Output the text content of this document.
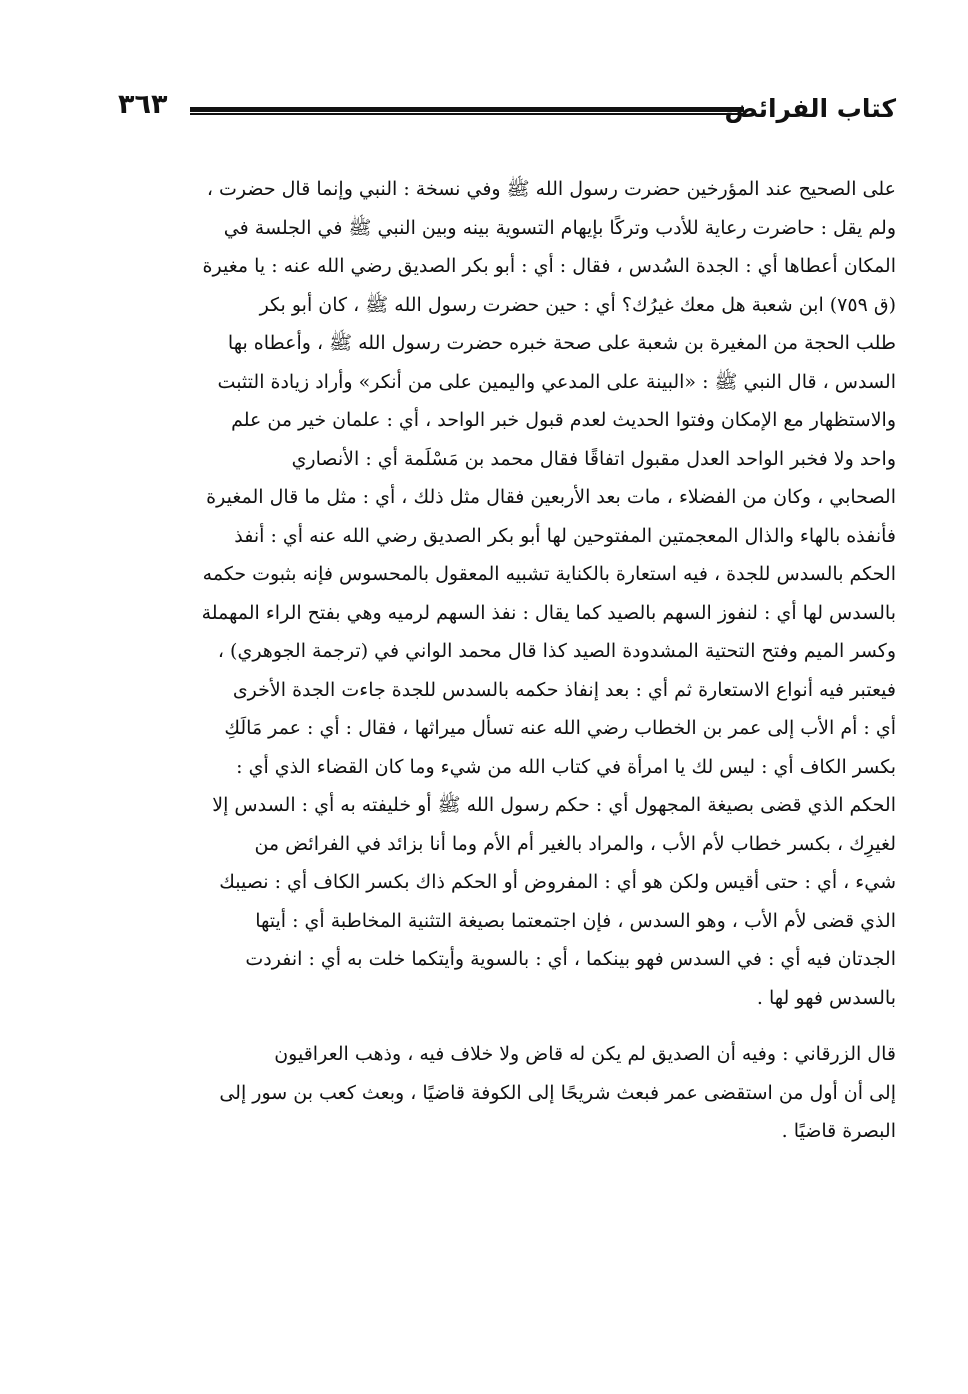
كتاب الفرائض
٣٦٣
على الصحيح عند المؤرخين حضرت رسول الله ﷺ وفي نسخة : النبي وإنما قال حضرت ،
ولم يقل : حاضرت رعاية للأدب وتركًا بإيهام التسوية بينه وبين النبي ﷺ في الجلسة في
المكان أعطاها أي : الجدة السُدس ، فقال : أي : أبو بكر الصديق رضي الله عنه : يا مغيرة
(ق ٧٥٩) ابن شعبة هل معك غيرُك؟ أي : حين حضرت رسول الله ﷺ ، كان أبو بكر
طلب الحجة من المغيرة بن شعبة على صحة خبره حضرت رسول الله ﷺ ، وأعطاه بها
السدس ، قال النبي ﷺ : «البينة على المدعي واليمين على من أنكر» وأراد زيادة التثبت
والاستظهار مع الإمكان وفتوا الحديث لعدم قبول خبر الواحد ، أي : علمان خير من علم
واحد ولا فخبر الواحد العدل مقبول اتفاقًا فقال محمد بن مَسْلَمة أي : الأنصاري
الصحابي ، وكان من الفضلاء ، مات بعد الأربعين فقال مثل ذلك ، أي : مثل ما قال المغيرة
فأنفذه بالهاء والذال المعجمتين المفتوحين لها أبو بكر الصديق رضي الله عنه أي : أنفذ
الحكم بالسدس للجدة ، فيه استعارة بالكناية تشبيه المعقول بالمحسوس فإنه بثبوت حكمه
بالسدس لها أي : لنفوز السهم بالصيد كما يقال : نفذ السهم لرميه وهي بفتح الراء المهملة
وكسر الميم وفتح التحتية المشدودة الصيد كذا قال محمد الواني في (ترجمة الجوهري) ،
فيعتبر فيه أنواع الاستعارة ثم أي : بعد إنفاذ حكمه بالسدس للجدة جاءت الجدة الأخرى
أي : أم الأب إلى عمر بن الخطاب رضي الله عنه تسأل ميراثها ، فقال : أي : عمر مَالَكِ
بكسر الكاف أي : ليس لك يا امرأة في كتاب الله من شيء وما كان القضاء الذي أي :
الحكم الذي قضى بصيغة المجهول أي : حكم رسول الله ﷺ أو خليفته به أي : السدس إلا
لغيرِك ، بكسر خطاب لأم الأب ، والمراد بالغير أم الأم وما أنا بزائد في الفرائض من
شيء ، أي : حتى أقيس ولكن هو أي : المفروض أو الحكم ذاك بكسر الكاف أي : نصيبك
الذي قضى لأم الأب ، وهو السدس ، فإن اجتمعتما بصيغة التثنية المخاطبة أي : أيتها
الجدتان فيه أي : في السدس فهو بينكما ، أي : بالسوية وأيتكما خلت به أي : انفردت
بالسدس فهو لها .
قال الزرقاني : وفيه أن الصديق لم يكن له قاض ولا خلاف فيه ، وذهب العراقيون
إلى أن أول من استقضى عمر فبعث شريحًا إلى الكوفة قاضيًا ، وبعث كعب بن سور إلى
البصرة قاضيًا .
